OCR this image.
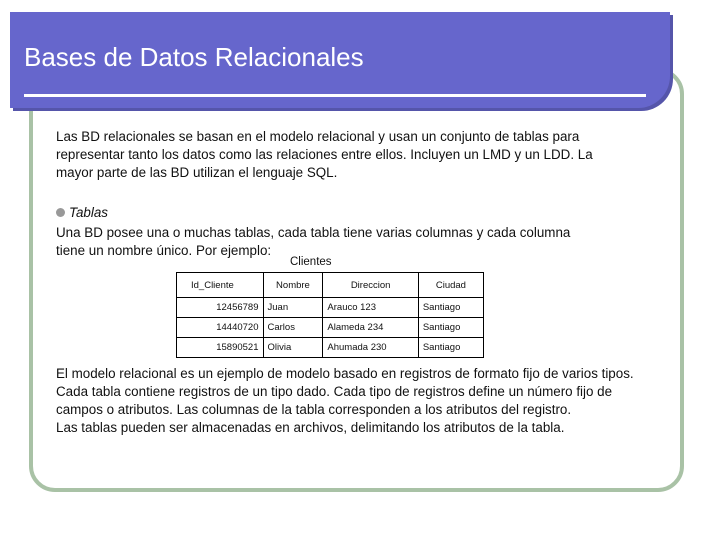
Bases de Datos Relacionales
Las BD relacionales se basan en el modelo relacional y usan un conjunto de tablas para
representar tanto los datos como las relaciones entre ellos. Incluyen un LMD y un LDD. La
mayor parte de las BD utilizan el lenguaje SQL.
Tablas
Una BD posee una o muchas tablas, cada tabla tiene varias columnas y cada columna
tiene un nombre único. Por ejemplo:
Clientes
Id_Cliente	Nombre	Direccion	Ciudad
12456789	Juan	Arauco 123	Santiago
14440720	Carlos	Alameda 234	Santiago
15890521	Olivia	Ahumada 230	Santiago
El modelo relacional es un ejemplo de modelo basado en registros de formato fijo de varios tipos.
Cada tabla contiene registros de un tipo dado. Cada tipo de registros define un número fijo de
campos o atributos. Las columnas de la tabla corresponden a los atributos del registro.
Las tablas pueden ser almacenadas en archivos, delimitando los atributos de la tabla.
